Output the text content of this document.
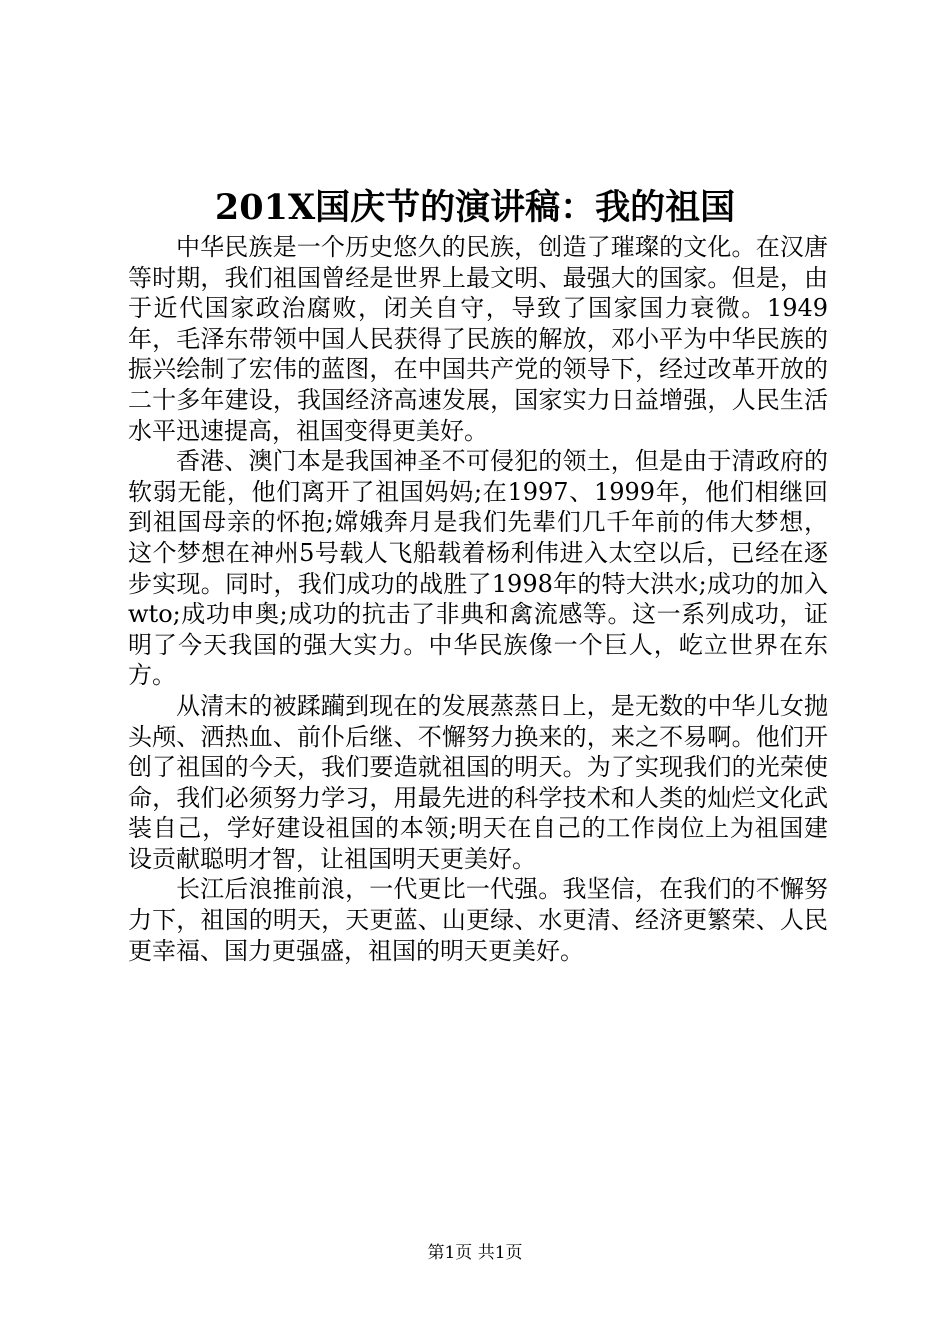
201X国庆节的演讲稿：我的祖国

中华民族是一个历史悠久的民族，创造了璀璨的文化。在汉唐等时期，我们祖国曾经是世界上最文明、最强大的国家。但是，由于近代国家政治腐败，闭关自守，导致了国家国力衰微。1949年，毛泽东带领中国人民获得了民族的解放，邓小平为中华民族的振兴绘制了宏伟的蓝图，在中国共产党的领导下，经过改革开放的二十多年建设，我国经济高速发展，国家实力日益增强，人民生活水平迅速提高，祖国变得更美好。

香港、澳门本是我国神圣不可侵犯的领土，但是由于清政府的软弱无能，他们离开了祖国妈妈;在1997、1999年，他们相继回到祖国母亲的怀抱;嫦娥奔月是我们先辈们几千年前的伟大梦想，这个梦想在神州5号载人飞船载着杨利伟进入太空以后，已经在逐步实现。同时，我们成功的战胜了1998年的特大洪水;成功的加入wto;成功申奥;成功的抗击了非典和禽流感等。这一系列成功，证明了今天我国的强大实力。中华民族像一个巨人，屹立世界在东方。

从清末的被蹂躏到现在的发展蒸蒸日上，是无数的中华儿女抛头颅、洒热血、前仆后继、不懈努力换来的，来之不易啊。他们开创了祖国的今天，我们要造就祖国的明天。为了实现我们的光荣使命，我们必须努力学习，用最先进的科学技术和人类的灿烂文化武装自己，学好建设祖国的本领;明天在自己的工作岗位上为祖国建设贡献聪明才智，让祖国明天更美好。

长江后浪推前浪，一代更比一代强。我坚信，在我们的不懈努力下，祖国的明天，天更蓝、山更绿、水更清、经济更繁荣、人民更幸福、国力更强盛，祖国的明天更美好。

第1页 共1页
